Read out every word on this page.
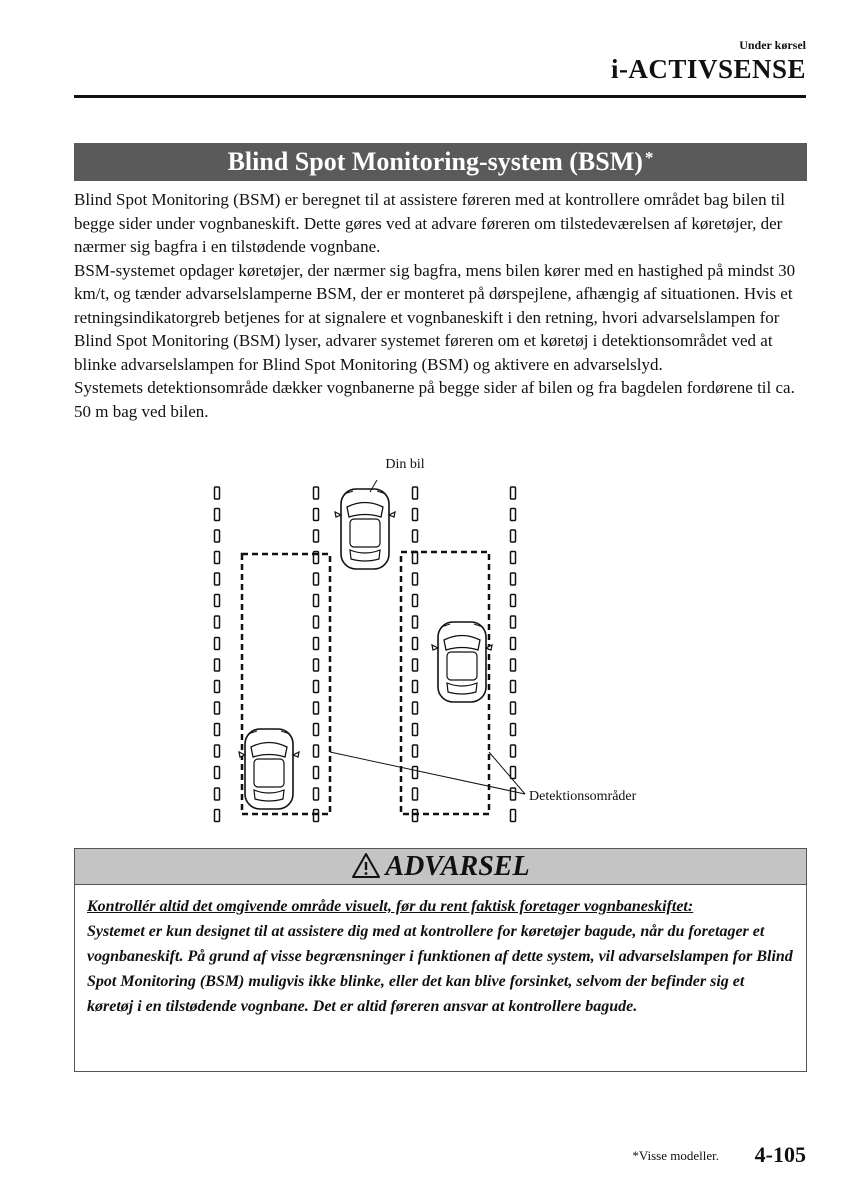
Under kørsel
i-ACTIVSENSE
Blind Spot Monitoring-system (BSM)*

Blind Spot Monitoring (BSM) er beregnet til at assistere føreren med at kontrollere området bag bilen til begge sider under vognbaneskift. Dette gøres ved at advare føreren om tilstedeværelsen af køretøjer, der nærmer sig bagfra i en tilstødende vognbane.

BSM-systemet opdager køretøjer, der nærmer sig bagfra, mens bilen kører med en hastighed på mindst 30 km/t, og tænder advarselslamperne BSM, der er monteret på dørspejlene, afhængig af situationen. Hvis et retningsindikatorgreb betjenes for at signalere et vognbaneskift i den retning, hvori advarselslampen for Blind Spot Monitoring (BSM) lyser, advarer systemet føreren om et køretøj i detektionsområdet ved at blinke advarselslampen for Blind Spot Monitoring (BSM) og aktivere en advarselslyd.

Systemets detektionsområde dækker vognbanerne på begge sider af bilen og fra bagdelen fordørene til ca. 50 m bag ved bilen.

Din bil
Detektionsområder
ADVARSEL

Kontrollér altid det omgivende område visuelt, før du rent faktisk foretager vognbaneskiftet:

Systemet er kun designet til at assistere dig med at kontrollere for køretøjer bagude, når du foretager et vognbaneskift. På grund af visse begrænsninger i funktionen af dette system, vil advarselslampen for Blind Spot Monitoring (BSM) muligvis ikke blinke, eller det kan blive forsinket, selvom der befinder sig et køretøj i en tilstødende vognbane. Det er altid føreren ansvar at kontrollere bagude.

*Visse modeller. 4-105
